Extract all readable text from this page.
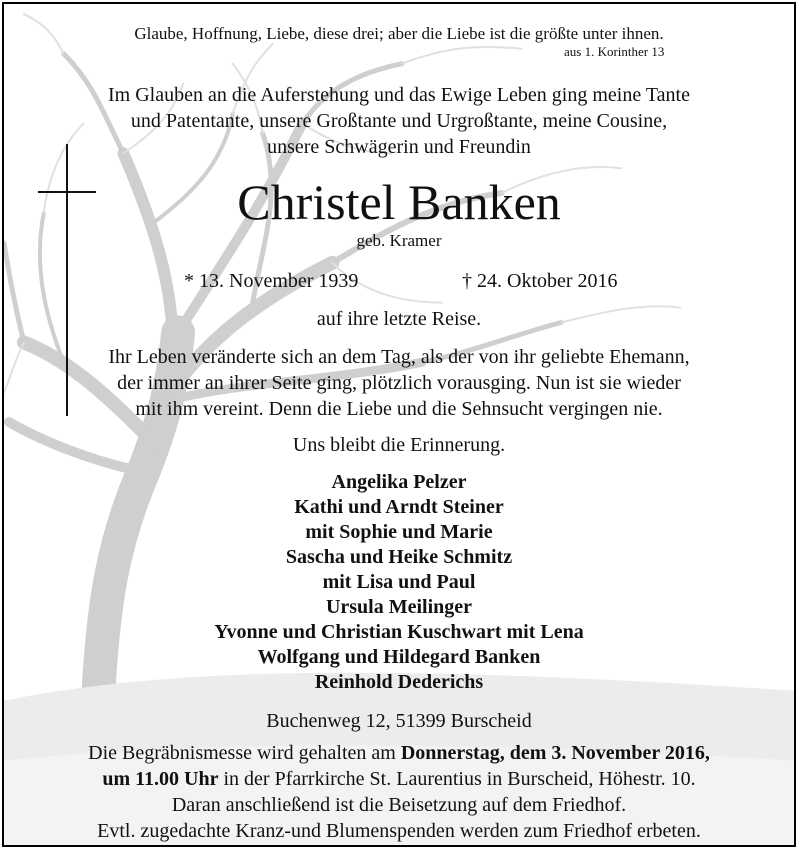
Glaube, Hoffnung, Liebe, diese drei; aber die Liebe ist die größte unter ihnen.
aus 1. Korinther 13
Im Glauben an die Auferstehung und das Ewige Leben ging meine Tante
und Patentante, unsere Großtante und Urgroßtante, meine Cousine,
unsere Schwägerin und Freundin
Christel Banken
geb. Kramer
* 13. November 1939	† 24. Oktober 2016
auf ihre letzte Reise.
Ihr Leben veränderte sich an dem Tag, als der von ihr geliebte Ehemann,
der immer an ihrer Seite ging, plötzlich vorausging. Nun ist sie wieder
mit ihm vereint. Denn die Liebe und die Sehnsucht vergingen nie.
Uns bleibt die Erinnerung.
Angelika Pelzer
Kathi und Arndt Steiner
mit Sophie und Marie
Sascha und Heike Schmitz
mit Lisa und Paul
Ursula Meilinger
Yvonne und Christian Kuschwart mit Lena
Wolfgang und Hildegard Banken
Reinhold Dederichs
Buchenweg 12, 51399 Burscheid
Die Begräbnismesse wird gehalten am Donnerstag, dem 3. November 2016,
um 11.00 Uhr in der Pfarrkirche St. Laurentius in Burscheid, Höhestr. 10.
Daran anschließend ist die Beisetzung auf dem Friedhof.
Evtl. zugedachte Kranz-und Blumenspenden werden zum Friedhof erbeten.
